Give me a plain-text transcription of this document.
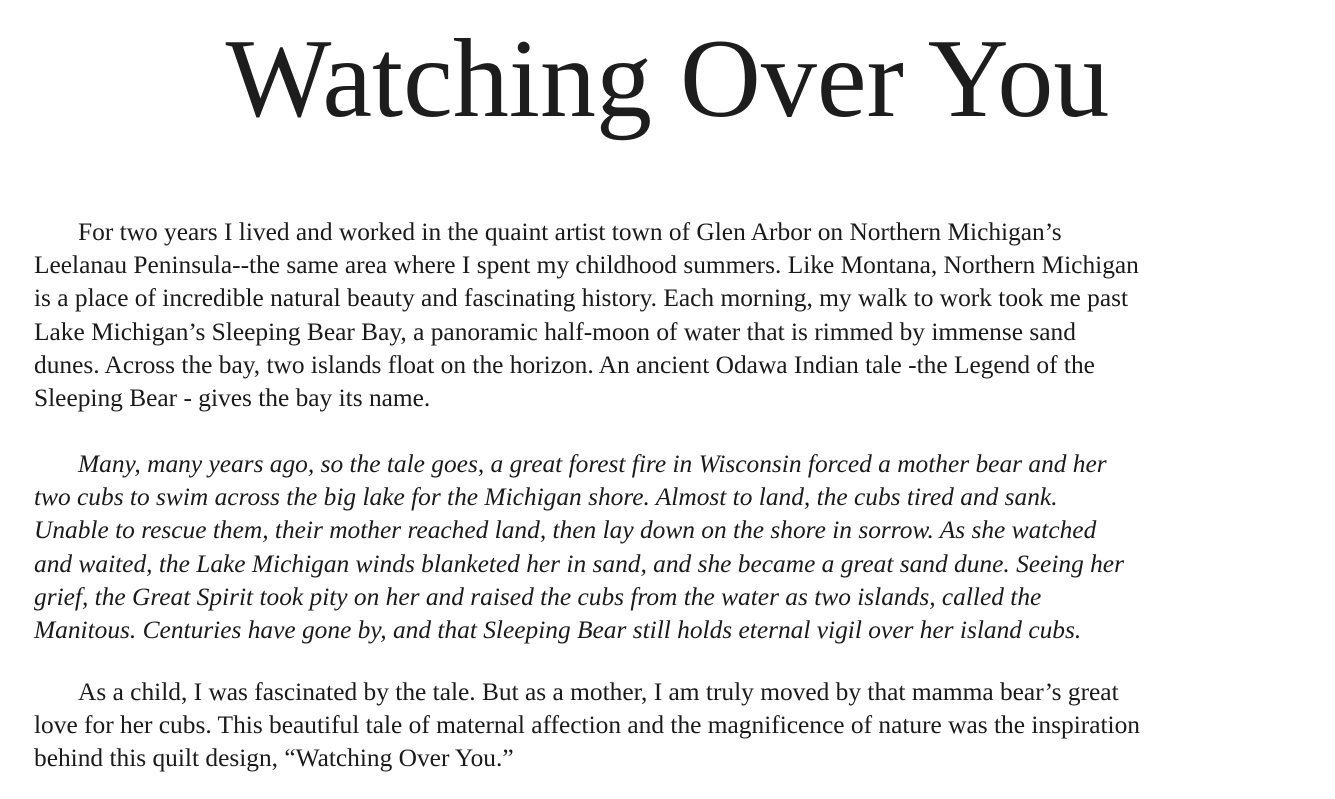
Watching Over You

For two years I lived and worked in the quaint artist town of Glen Arbor on Northern Michigan’s
Leelanau Peninsula--the same area where I spent my childhood summers. Like Montana, Northern Michigan
is a place of incredible natural beauty and fascinating history. Each morning, my walk to work took me past
Lake Michigan’s Sleeping Bear Bay, a panoramic half-moon of water that is rimmed by immense sand
dunes. Across the bay, two islands float on the horizon. An ancient Odawa Indian tale -the Legend of the
Sleeping Bear - gives the bay its name.

Many, many years ago, so the tale goes, a great forest fire in Wisconsin forced a mother bear and her
two cubs to swim across the big lake for the Michigan shore. Almost to land, the cubs tired and sank.
Unable to rescue them, their mother reached land, then lay down on the shore in sorrow. As she watched
and waited, the Lake Michigan winds blanketed her in sand, and she became a great sand dune. Seeing her
grief, the Great Spirit took pity on her and raised the cubs from the water as two islands, called the
Manitous. Centuries have gone by, and that Sleeping Bear still holds eternal vigil over her island cubs.

As a child, I was fascinated by the tale. But as a mother, I am truly moved by that mamma bear’s great
love for her cubs. This beautiful tale of maternal affection and the magnificence of nature was the inspiration
behind this quilt design, “Watching Over You.”
